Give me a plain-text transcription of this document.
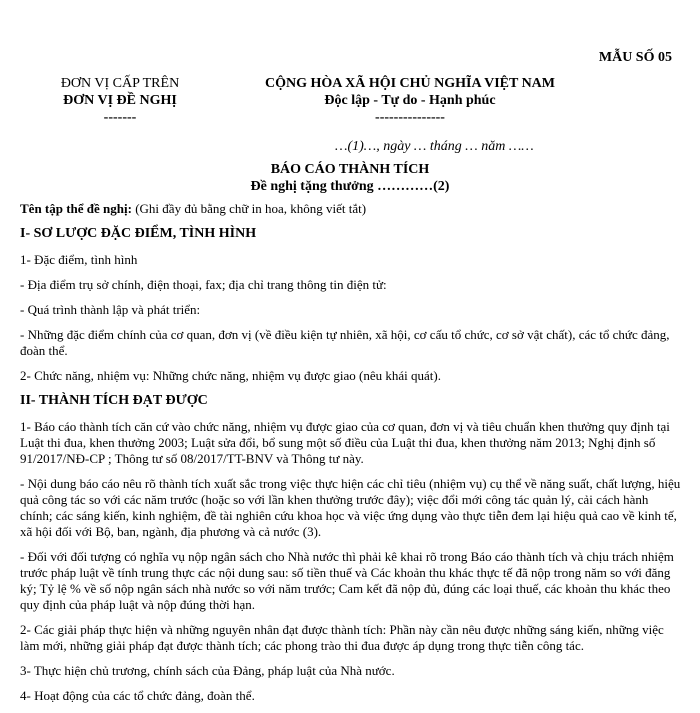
MẪU SỐ 05
ĐƠN VỊ CẤP TRÊN
ĐƠN VỊ ĐỀ NGHỊ
-------
CỘNG HÒA XÃ HỘI CHỦ NGHĨA VIỆT NAM
Độc lập - Tự do - Hạnh phúc
---------------
…(1)…, ngày … tháng … năm ……
BÁO CÁO THÀNH TÍCH
Đề nghị tặng thưởng …………(2)

Tên tập thể đề nghị: (Ghi đầy đủ bằng chữ in hoa, không viết tắt)

I- SƠ LƯỢC ĐẶC ĐIỂM, TÌNH HÌNH

1- Đặc điểm, tình hình

- Địa điểm trụ sở chính, điện thoại, fax; địa chỉ trang thông tin điện tử:

- Quá trình thành lập và phát triển:

- Những đặc điểm chính của cơ quan, đơn vị (về điều kiện tự nhiên, xã hội, cơ cấu tổ chức, cơ sở vật chất), các tổ chức đảng, đoàn thể.

2- Chức năng, nhiệm vụ: Những chức năng, nhiệm vụ được giao (nêu khái quát).

II- THÀNH TÍCH ĐẠT ĐƯỢC

1- Báo cáo thành tích căn cứ vào chức năng, nhiệm vụ được giao của cơ quan, đơn vị và tiêu chuẩn khen thưởng quy định tại Luật thi đua, khen thưởng 2003; Luật sửa đổi, bổ sung một số điều của Luật thi đua, khen thưởng năm 2013; Nghị định số 91/2017/NĐ-CP ; Thông tư số 08/2017/TT-BNV và Thông tư này.

- Nội dung báo cáo nêu rõ thành tích xuất sắc trong việc thực hiện các chỉ tiêu (nhiệm vụ) cụ thể về năng suất, chất lượng, hiệu quả công tác so với các năm trước (hoặc so với lần khen thưởng trước đây); việc đổi mới công tác quản lý, cải cách hành chính; các sáng kiến, kinh nghiệm, đề tài nghiên cứu khoa học và việc ứng dụng vào thực tiễn đem lại hiệu quả cao về kinh tế, xã hội đối với Bộ, ban, ngành, địa phương và cả nước (3).

- Đối với đối tượng có nghĩa vụ nộp ngân sách cho Nhà nước thì phải kê khai rõ trong Báo cáo thành tích và chịu trách nhiệm trước pháp luật về tính trung thực các nội dung sau: số tiền thuế và Các khoản thu khác thực tế đã nộp trong năm so với đăng ký; Tỷ lệ % về số nộp ngân sách nhà nước so với năm trước; Cam kết đã nộp đủ, đúng các loại thuế, các khoản thu khác theo quy định của pháp luật và nộp đúng thời hạn.

2- Các giải pháp thực hiện và những nguyên nhân đạt được thành tích: Phần này cần nêu được những sáng kiến, những việc làm mới, những giải pháp đạt được thành tích; các phong trào thi đua được áp dụng trong thực tiễn công tác.

3- Thực hiện chủ trương, chính sách của Đảng, pháp luật của Nhà nước.

4- Hoạt động của các tổ chức đảng, đoàn thể.
